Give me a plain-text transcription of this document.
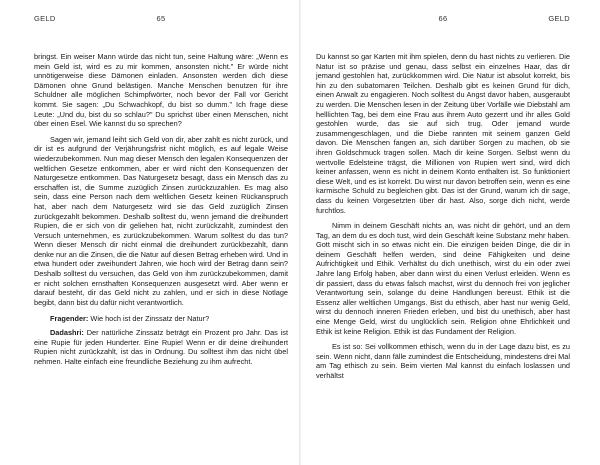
GELD	65

bringst. Ein weiser Mann würde das nicht tun, seine Haltung wäre: „Wenn es mein Geld ist, wird es zu mir kommen, ansonsten nicht." Er würde nicht unnötigerweise diese Dämonen einladen. Ansonsten werden dich diese Dämonen ohne Grund belästigen. Manche Menschen benutzen für ihre Schuldner alle möglichen Schimpfwörter, noch bevor der Fall vor Gericht kommt. Sie sagen: „Du Schwachkopf, du bist so dumm." Ich frage diese Leute: „Und du, bist du so schlau?" Du sprichst über einen Menschen, nicht über einen Esel. Wie kannst du so sprechen?

Sagen wir, jemand leiht sich Geld von dir, aber zahlt es nicht zurück, und dir ist es aufgrund der Verjährungsfrist nicht möglich, es auf legale Weise wiederzubekommen. Nun mag dieser Mensch den legalen Konsequenzen der weltlichen Gesetze entkommen, aber er wird nicht den Konsequenzen der Naturgesetze entkommen. Das Naturgesetz besagt, dass ein Mensch das zu erschaffen ist, die Summe zuzüglich Zinsen zurückzuzahlen. Es mag also sein, dass eine Person nach dem weltlichen Gesetz keinen Rückanspruch hat, aber nach dem Naturgesetz wird sie das Geld zuzüglich Zinsen zurückgezahlt bekommen. Deshalb solltest du, wenn jemand die dreihundert Rupien, die er sich von dir geliehen hat, nicht zurückzahlt, zumindest den Versuch unternehmen, es zurückzubekommen. Warum solltest du das tun? Wenn dieser Mensch dir nicht einmal die dreihundert zurückbezahlt, dann denke nur an die Zinsen, die die Natur auf diesen Betrag erheben wird. Und in etwa hundert oder zweihundert Jahren, wie hoch wird der Betrag dann sein? Deshalb solltest du versuchen, das Geld von ihm zurückzubekommen, damit er nicht solchen ernsthaften Konsequenzen ausgesetzt wird. Aber wenn er darauf besteht, dir das Geld nicht zu zahlen, und er sich in diese Notlage begibt, dann bist du dafür nicht verantwortlich.

Fragender: Wie hoch ist der Zinssatz der Natur?

Dadashri: Der natürliche Zinssatz beträgt ein Prozent pro Jahr. Das ist eine Rupie für jeden Hunderter. Eine Rupie! Wenn er dir deine dreihundert Rupien nicht zurückzahlt, ist das in Ordnung. Du solltest ihm das nicht übel nehmen. Halte einfach eine freundliche Beziehung zu ihm aufrecht.

66	GELD

Du kannst so gar Karten mit ihm spielen, denn du hast nichts zu verlieren. Die Natur ist so präzise und genau, dass selbst ein einzelnes Haar, das dir jemand gestohlen hat, zurückkommen wird. Die Natur ist absolut korrekt, bis hin zu den subatomaren Teilchen. Deshalb gibt es keinen Grund für dich, einen Anwalt zu engagieren. Noch solltest du Angst davor haben, ausgeraubt zu werden. Die Menschen lesen in der Zeitung über Vorfälle wie Diebstahl am helllichten Tag, bei dem eine Frau aus ihrem Auto gezerrt und ihr alles Gold gestohlen wurde, das sie auf sich trug. Oder jemand wurde zusammengeschlagen, und die Diebe rannten mit seinem ganzen Geld davon. Die Menschen fangen an, sich darüber Sorgen zu machen, ob sie ihren Goldschmuck tragen sollen. Mach dir keine Sorgen. Selbst wenn du wertvolle Edelsteine trägst, die Millionen von Rupien wert sind, wird dich keiner anfassen, wenn es nicht in deinem Konto enthalten ist. So funktioniert diese Welt, und es ist korrekt. Du wirst nur davon betroffen sein, wenn es eine karmische Schuld zu begleichen gibt. Das ist der Grund, warum ich dir sage, dass du keinen Vorgesetzten über dir hast. Also, sorge dich nicht, werde furchtlos.

Nimm in deinem Geschäft nichts an, was nicht dir gehört, und an dem Tag, an dem du es doch tust, wird dein Geschäft keine Substanz mehr haben. Gott mischt sich in so etwas nicht ein. Die einzigen beiden Dinge, die dir in deinem Geschäft helfen werden, sind deine Fähigkeiten und deine Aufrichtigkeit und Ethik. Verhältst du dich unethisch, wirst du ein oder zwei Jahre lang Erfolg haben, aber dann wirst du einen Verlust erleiden. Wenn es dir passiert, dass du etwas falsch machst, wirst du dennoch frei von jeglicher Verantwortung sein, solange du deine Handlungen bereust. Ethik ist die Essenz aller weltlichen Umgangs. Bist du ethisch, aber hast nur wenig Geld, wirst du dennoch inneren Frieden erleben, und bist du unethisch, aber hast eine Menge Geld, wirst du unglücklich sein. Religion ohne Ehrlichkeit und Ethik ist keine Religion. Ethik ist das Fundament der Religion.

Es ist so: Sei vollkommen ethisch, wenn du in der Lage dazu bist, es zu sein. Wenn nicht, dann fälle zumindest die Entscheidung, mindestens drei Mal am Tag ethisch zu sein. Beim vierten Mal kannst du einfach loslassen und verhältst
